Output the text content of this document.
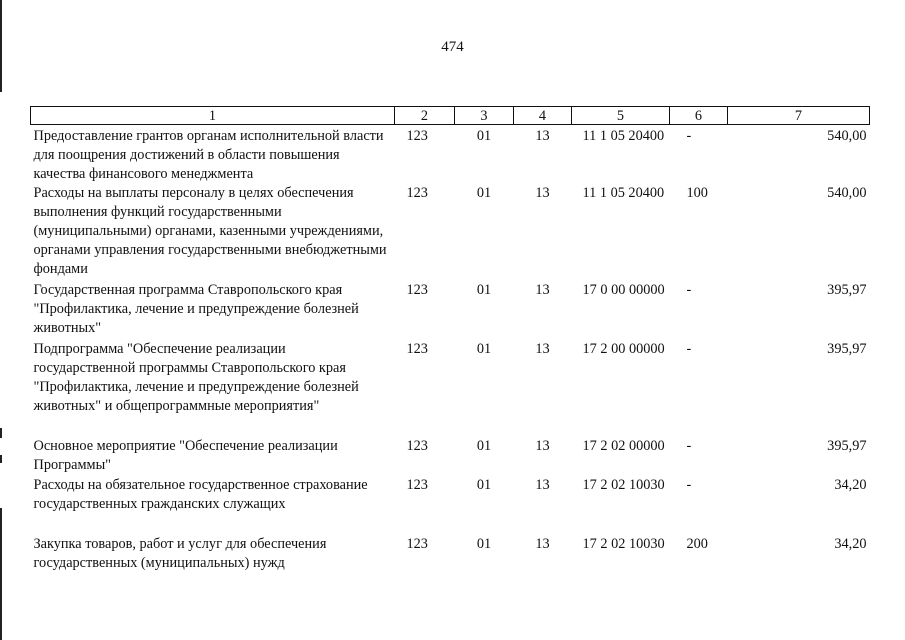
474
1	2	3	4	5	6	7
Предоставление грантов органам исполнительной власти для поощрения достижений в области повышения качества финансового менеджмента	123	01	13	11 1 05 20400	-	540,00
Расходы на выплаты персоналу в целях обеспечения выполнения функций государственными (муниципальными) органами, казенными учреждениями, органами управления государственными внебюджетными фондами	123	01	13	11 1 05 20400	100	540,00
Государственная программа Ставропольского края "Профилактика, лечение и предупреждение болезней животных"	123	01	13	17 0 00 00000	-	395,97
Подпрограмма "Обеспечение реализации государственной программы Ставропольского края "Профилактика, лечение и предупреждение болезней животных" и общепрограммные мероприятия"	123	01	13	17 2 00 00000	-	395,97
Основное мероприятие "Обеспечение реализации Программы"	123	01	13	17 2 02 00000	-	395,97
Расходы на обязательное государственное страхование государственных гражданских служащих	123	01	13	17 2 02 10030	-	34,20
Закупка товаров, работ и услуг для обеспечения государственных (муниципальных) нужд	123	01	13	17 2 02 10030	200	34,20
